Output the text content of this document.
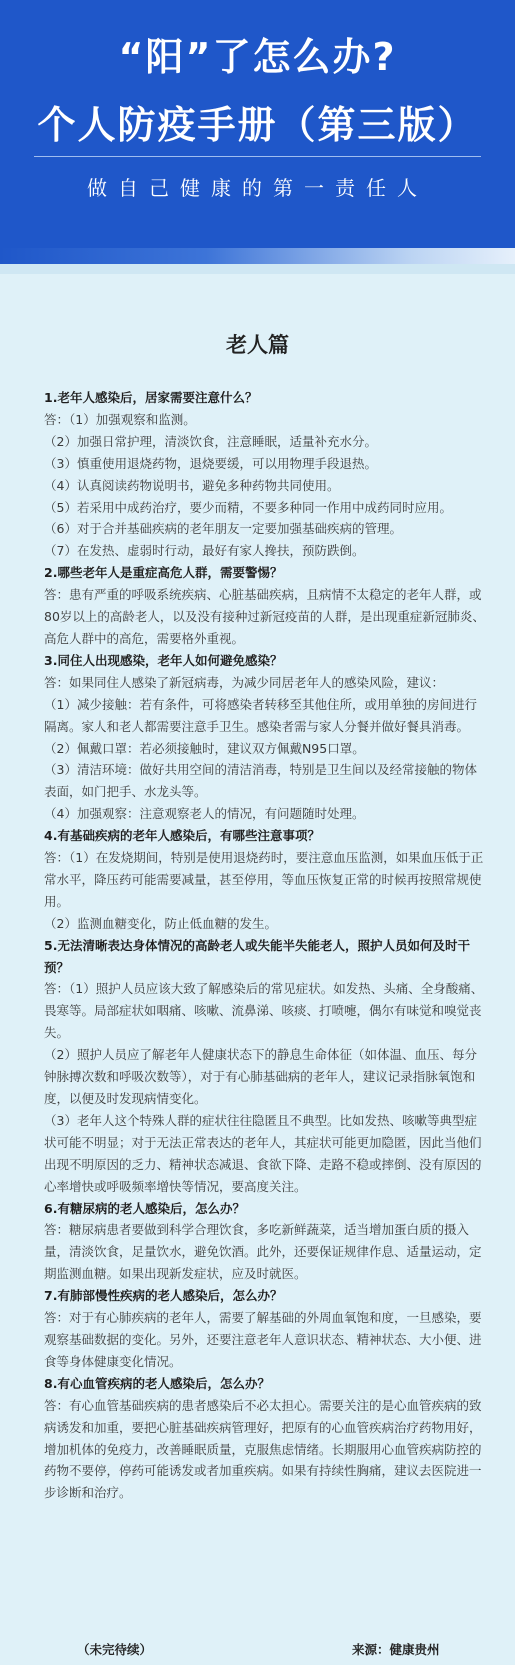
“阳”了怎么办?
个人防疫手册（第三版）
做自己健康的第一责任人
老人篇

1.老年人感染后，居家需要注意什么？

答：（1）加强观察和监测。

（2）加强日常护理，清淡饮食，注意睡眠，适量补充水分。

（3）慎重使用退烧药物，退烧要缓，可以用物理手段退热。

（4）认真阅读药物说明书，避免多种药物共同使用。

（5）若采用中成药治疗，要少而精，不要多种同一作用中成药同时应用。

（6）对于合并基础疾病的老年朋友一定要加强基础疾病的管理。

（7）在发热、虚弱时行动，最好有家人搀扶，预防跌倒。

2.哪些老年人是重症高危人群，需要警惕？

答：患有严重的呼吸系统疾病、心脏基础疾病，且病情不太稳定的老年人群，或80岁以上的高龄老人，以及没有接种过新冠疫苗的人群，是出现重症新冠肺炎、高危人群中的高危，需要格外重视。

3.同住人出现感染，老年人如何避免感染？

答：如果同住人感染了新冠病毒，为减少同居老年人的感染风险，建议：

（1）减少接触：若有条件，可将感染者转移至其他住所，或用单独的房间进行隔离。家人和老人都需要注意手卫生。感染者需与家人分餐并做好餐具消毒。

（2）佩戴口罩：若必须接触时，建议双方佩戴N95口罩。

（3）清洁环境：做好共用空间的清洁消毒，特别是卫生间以及经常接触的物体表面，如门把手、水龙头等。

（4）加强观察：注意观察老人的情况，有问题随时处理。

4.有基础疾病的老年人感染后，有哪些注意事项？

答：（1）在发烧期间，特别是使用退烧药时，要注意血压监测，如果血压低于正常水平，降压药可能需要减量，甚至停用，等血压恢复正常的时候再按照常规使用。

（2）监测血糖变化，防止低血糖的发生。

5.无法清晰表达身体情况的高龄老人或失能半失能老人，照护人员如何及时干预？

答：（1）照护人员应该大致了解感染后的常见症状。如发热、头痛、全身酸痛、畏寒等。局部症状如咽痛、咳嗽、流鼻涕、咳痰、打喷嚏，偶尔有味觉和嗅觉丧失。

（2）照护人员应了解老年人健康状态下的静息生命体征（如体温、血压、每分钟脉搏次数和呼吸次数等），对于有心肺基础病的老年人，建议记录指脉氧饱和度，以便及时发现病情变化。

（3）老年人这个特殊人群的症状往往隐匿且不典型。比如发热、咳嗽等典型症状可能不明显；对于无法正常表达的老年人，其症状可能更加隐匿，因此当他们出现不明原因的乏力、精神状态减退、食欲下降、走路不稳或摔倒、没有原因的心率增快或呼吸频率增快等情况，要高度关注。

6.有糖尿病的老人感染后，怎么办？

答：糖尿病患者要做到科学合理饮食，多吃新鲜蔬菜，适当增加蛋白质的摄入量，清淡饮食，足量饮水，避免饮酒。此外，还要保证规律作息、适量运动，定期监测血糖。如果出现新发症状，应及时就医。

7.有肺部慢性疾病的老人感染后，怎么办？

答：对于有心肺疾病的老年人，需要了解基础的外周血氧饱和度，一旦感染，要观察基础数据的变化。另外，还要注意老年人意识状态、精神状态、大小便、进食等身体健康变化情况。

8.有心血管疾病的老人感染后，怎么办？

答：有心血管基础疾病的患者感染后不必太担心。需要关注的是心血管疾病的致病诱发和加重，要把心脏基础疾病管理好，把原有的心血管疾病治疗药物用好，增加机体的免疫力，改善睡眠质量，克服焦虑情绪。长期服用心血管疾病防控的药物不要停，停药可能诱发或者加重疾病。如果有持续性胸痛，建议去医院进一步诊断和治疗。

（未完待续）	来源：健康贵州
